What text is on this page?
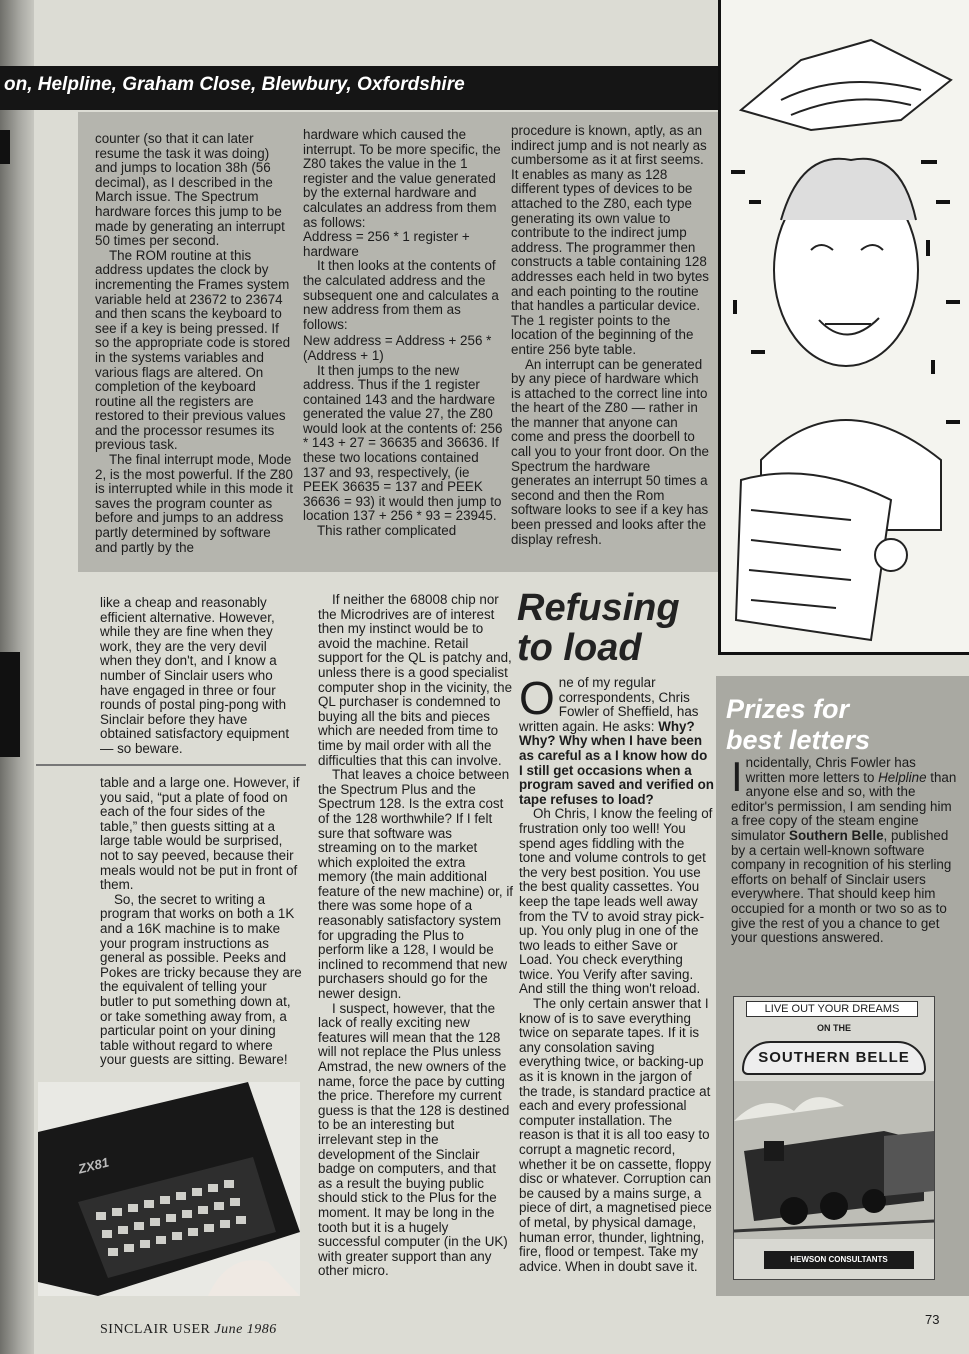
on, Helpline, Graham Close, Blewbury, Oxfordshire

counter (so that it can later resume the task it was doing) and jumps to location 38h (56 decimal), as I described in the March issue. The Spectrum hardware forces this jump to be made by generating an interrupt 50 times per second.

The ROM routine at this address updates the clock by incrementing the Frames system variable held at 23672 to 23674 and then scans the keyboard to see if a key is being pressed. If so the appropriate code is stored in the systems variables and various flags are altered. On completion of the keyboard routine all the registers are restored to their previous values and the processor resumes its previous task.

The final interrupt mode, Mode 2, is the most powerful. If the Z80 is interrupted while in this mode it saves the program counter as before and jumps to an address partly determined by software and partly by the

hardware which caused the interrupt. To be more specific, the Z80 takes the value in the 1 register and the value generated by the external hardware and calculates an address from them as follows:

Address = 256 * 1 register + hardware

It then looks at the contents of the calculated address and the subsequent one and calculates a new address from them as follows:

New address = Address + 256 * (Address + 1)

It then jumps to the new address. Thus if the 1 register contained 143 and the hardware generated the value 27, the Z80 would look at the contents of: 256 * 143 + 27 = 36635 and 36636. If these two locations contained 137 and 93, respectively, (ie PEEK 36635 = 137 and PEEK 36636 = 93) it would then jump to location 137 + 256 * 93 = 23945.

This rather complicated

procedure is known, aptly, as an indirect jump and is not nearly as cumbersome as it at first seems. It enables as many as 128 different types of devices to be attached to the Z80, each type generating its own value to contribute to the indirect jump address. The programmer then constructs a table containing 128 addresses each held in two bytes and each pointing to the routine that handles a particular device. The 1 register points to the location of the beginning of the entire 256 byte table.

An interrupt can be generated by any piece of hardware which is attached to the correct line into the heart of the Z80 — rather in the manner that anyone can come and press the doorbell to call you to your front door. On the Spectrum the hardware generates an interrupt 50 times a second and then the Rom software looks to see if a key has been pressed and looks after the display refresh.

like a cheap and reasonably efficient alternative. However, while they are fine when they work, they are the very devil when they don't, and I know a number of Sinclair users who have engaged in three or four rounds of postal ping-pong with Sinclair before they have obtained satisfactory equipment — so beware.

table and a large one. However, if you said, “put a plate of food on each of the four sides of the table,” then guests sitting at a large table would be surprised, not to say peeved, because their meals would not be put in front of them.

So, the secret to writing a program that works on both a 1K and a 16K machine is to make your program instructions as general as possible. Peeks and Pokes are tricky because they are the equivalent of telling your butler to put something down at, or take something away from, a particular point on your dining table without regard to where your guests are sitting. Beware!

ZX81

If neither the 68008 chip nor the Microdrives are of interest then my instinct would be to avoid the machine. Retail support for the QL is patchy and, unless there is a good specialist computer shop in the vicinity, the QL purchaser is condemned to buying all the bits and pieces which are needed from time to time by mail order with all the difficulties that this can involve.

That leaves a choice between the Spectrum Plus and the Spectrum 128. Is the extra cost of the 128 worthwhile? If I felt sure that software was streaming on to the market which exploited the extra memory (the main additional feature of the new machine) or, if there was some hope of a reasonably satisfactory system for upgrading the Plus to perform like a 128, I would be inclined to recommend that new purchasers should go for the newer design.

I suspect, however, that the lack of really exciting new features will mean that the 128 will not replace the Plus unless Amstrad, the new owners of the name, force the pace by cutting the price. Therefore my current guess is that the 128 is destined to be an interesting but irrelevant step in the development of the Sinclair badge on computers, and that as a result the buying public should stick to the Plus for the moment. It may be long in the tooth but it is a hugely successful computer (in the UK) with greater support than any other micro.

Refusing
to load

One of my regular correspondents, Chris Fowler of Sheffield, has written again. He asks: Why? Why? Why when I have been as careful as a I know how do I still get occasions when a program saved and verified on tape refuses to load?

Oh Chris, I know the feeling of frustration only too well! You spend ages fiddling with the tone and volume controls to get the very best position. You use the best quality cassettes. You keep the tape leads well away from the TV to avoid stray pick-up. You only plug in one of the two leads to either Save or Load. You check everything twice. You Verify after saving. And still the thing won't reload.

The only certain answer that I know of is to save everything twice on separate tapes. If it is any consolation saving everything twice, or backing-up as it is known in the jargon of the trade, is standard practice at each and every professional computer installation. The reason is that it is all too easy to corrupt a magnetic record, whether it be on cassette, floppy disc or whatever. Corruption can be caused by a mains surge, a piece of dirt, a magnetised piece of metal, by physical damage, human error, thunder, lightning, fire, flood or tempest. Take my advice. When in doubt save it.

Prizes for
best letters

Incidentally, Chris Fowler has written more letters to Helpline than anyone else and so, with the editor's permission, I am sending him a free copy of the steam engine simulator Southern Belle, published by a certain well-known software company in recognition of his sterling efforts on behalf of Sinclair users everywhere. That should keep him occupied for a month or two so as to give the rest of you a chance to get your questions answered.

LIVE OUT YOUR DREAMS
ON THE
SOUTHERN BELLE
HEWSON CONSULTANTS
SINCLAIR USER June 1986
73
